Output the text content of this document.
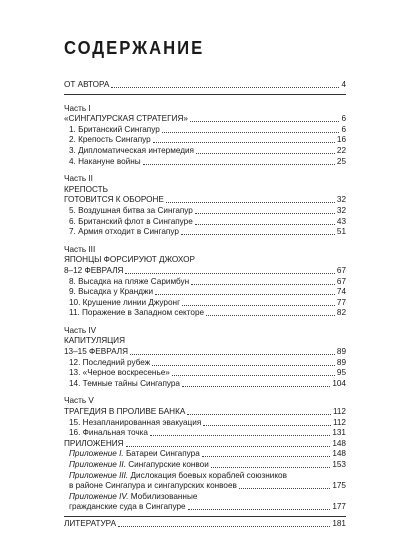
СОДЕРЖАНИЕ
ОТ АВТОРА	4
Часть I
«СИНГАПУРСКАЯ СТРАТЕГИЯ»	6
1. Британский Сингапур	6
2. Крепость Сингапур	16
3. Дипломатическая интермедия	22
4. Накануне войны	25
Часть II
КРЕПОСТЬ
ГОТОВИТСЯ К ОБОРОНЕ	32
5. Воздушная битва за Сингапур	32
6. Британский флот в Сингапуре	43
7. Армия отходит в Сингапур	51
Часть III
ЯПОНЦЫ ФОРСИРУЮТ ДЖОХОР
8–12 ФЕВРАЛЯ	67
8. Высадка на пляже Саримбун	67
9. Высадка у Кранджи	74
10. Крушение линии Джуронг	77
11. Поражение в Западном секторе	82
Часть IV
КАПИТУЛЯЦИЯ
13–15 ФЕВРАЛЯ	89
12. Последний рубеж	89
13. «Черное воскресенье»	95
14. Темные тайны Сингапура	104
Часть V
ТРАГЕДИЯ В ПРОЛИВЕ БАНКА	112
15. Незапланированная эвакуация	112
16. Финальная точка	131
ПРИЛОЖЕНИЯ	148
Приложение I. Батареи Сингапура	148
Приложение II. Сингапурские конвои	153
Приложение III. Дислокация боевых кораблей союзников
в районе Сингапура и сингапурских конвоев	175
Приложение IV. Мобилизованные
гражданские суда в Сингапуре	177
ЛИТЕРАТУРА	181
